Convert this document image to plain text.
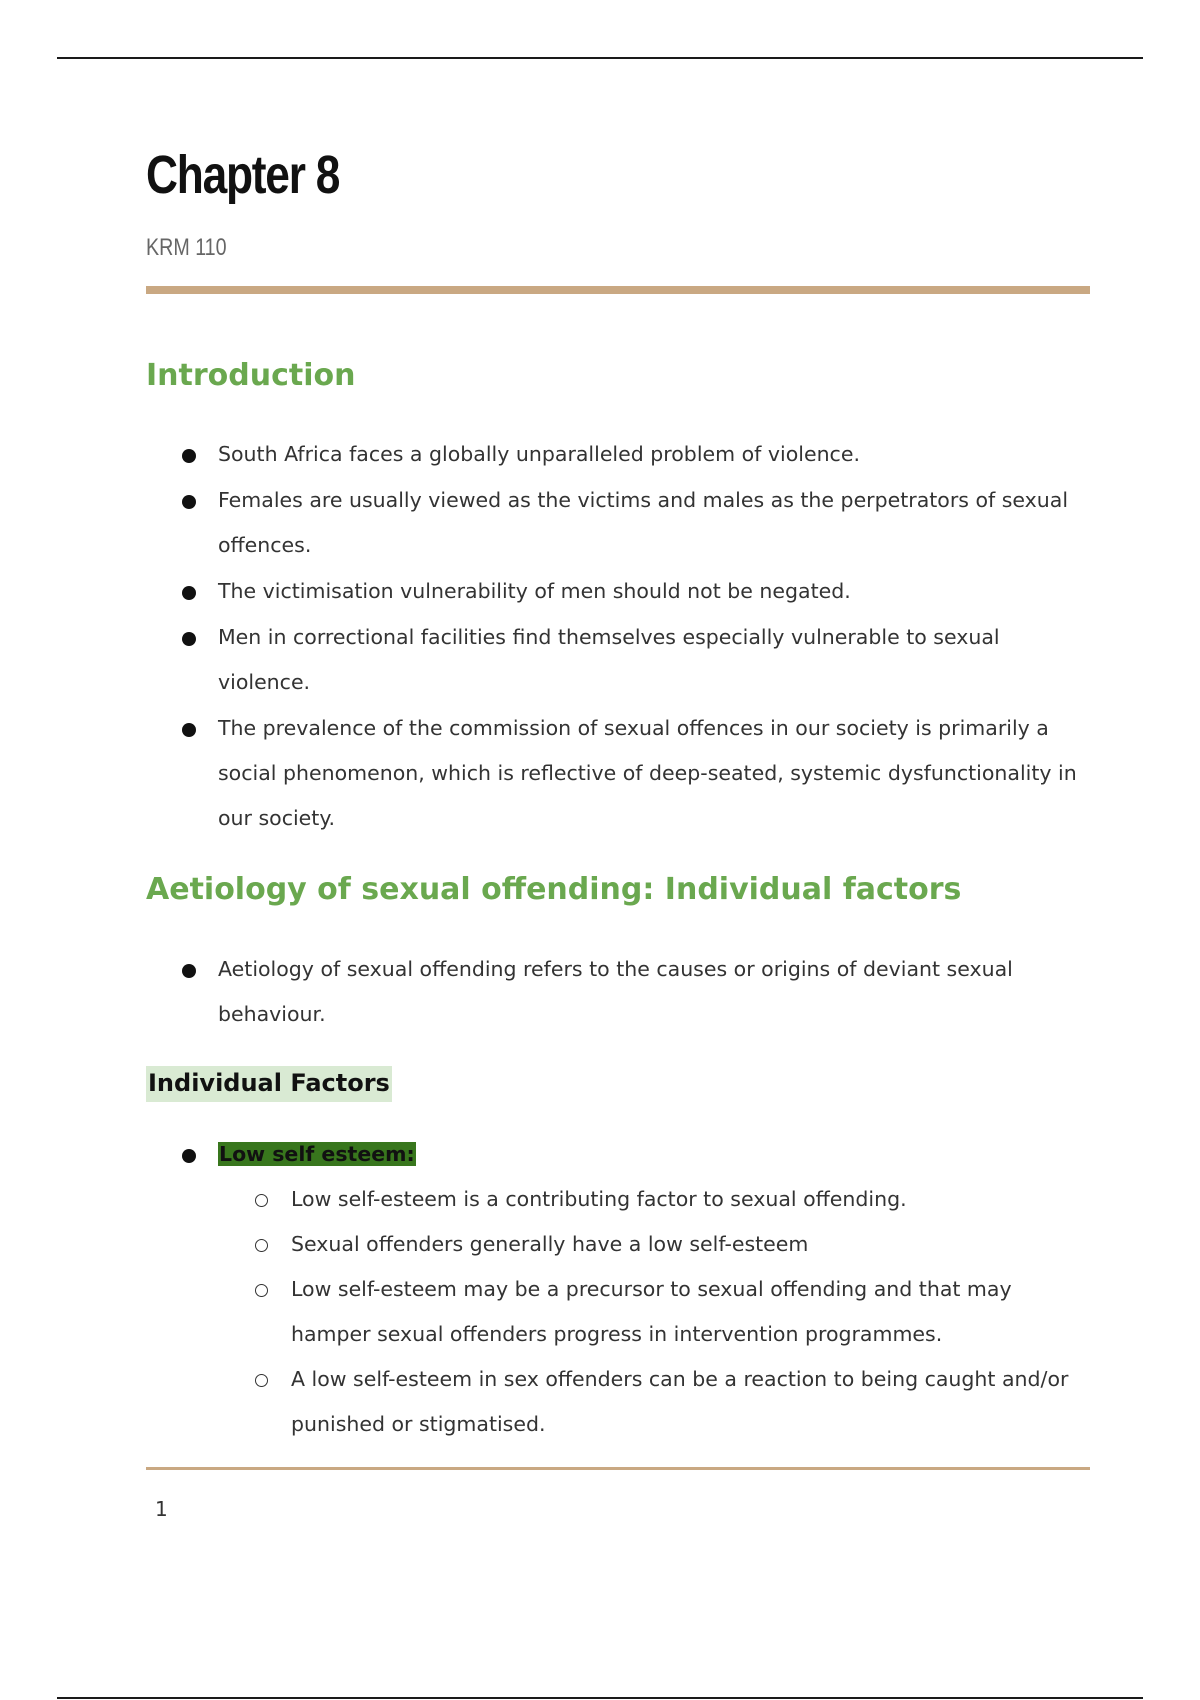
Chapter 8

KRM 110

Introduction
South Africa faces a globally unparalleled problem of violence.
Females are usually viewed as the victims and males as the perpetrators of sexual offences.
The victimisation vulnerability of men should not be negated.
Men in correctional facilities find themselves especially vulnerable to sexual violence.
The prevalence of the commission of sexual offences in our society is primarily a social phenomenon, which is reflective of deep-seated, systemic dysfunctionality in our society.
Aetiology of sexual offending: Individual factors
Aetiology of sexual offending refers to the causes or origins of deviant sexual behaviour.
Individual Factors
Low self esteem:
Low self-esteem is a contributing factor to sexual offending.
Sexual offenders generally have a low self-esteem
Low self-esteem may be a precursor to sexual offending and that may hamper sexual offenders progress in intervention programmes.
A low self-esteem in sex offenders can be a reaction to being caught and/or punished or stigmatised.

1
